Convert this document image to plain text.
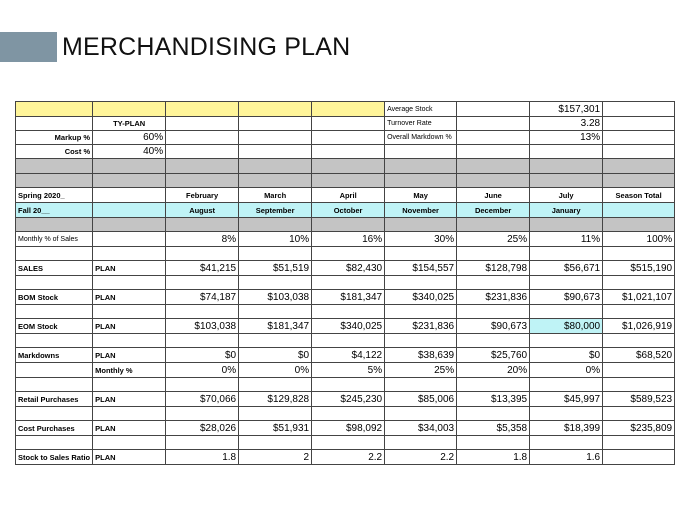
MERCHANDISING PLAN
					Average Stock		$157,301	
	TY-PLAN				Turnover Rate		3.28	
Markup %	60%				Overall Markdown %		13%	
Cost %	40%							

Spring 2020_		February	March	April	May	June	July	Season Total
Fall 20__		August	September	October	November	December	January	

Monthly % of Sales		8%	10%	16%	30%	25%	11%	100%

SALES	PLAN	$41,215	$51,519	$82,430	$154,557	$128,798	$56,671	$515,190

BOM Stock	PLAN	$74,187	$103,038	$181,347	$340,025	$231,836	$90,673	$1,021,107

EOM Stock	PLAN	$103,038	$181,347	$340,025	$231,836	$90,673	$80,000	$1,026,919

Markdowns	PLAN	$0	$0	$4,122	$38,639	$25,760	$0	$68,520
	Monthly %	0%	0%	5%	25%	20%	0%	

Retail Purchases	PLAN	$70,066	$129,828	$245,230	$85,006	$13,395	$45,997	$589,523

Cost Purchases	PLAN	$28,026	$51,931	$98,092	$34,003	$5,358	$18,399	$235,809

Stock to Sales Ratio	PLAN	1.8	2	2.2	2.2	1.8	1.6	
